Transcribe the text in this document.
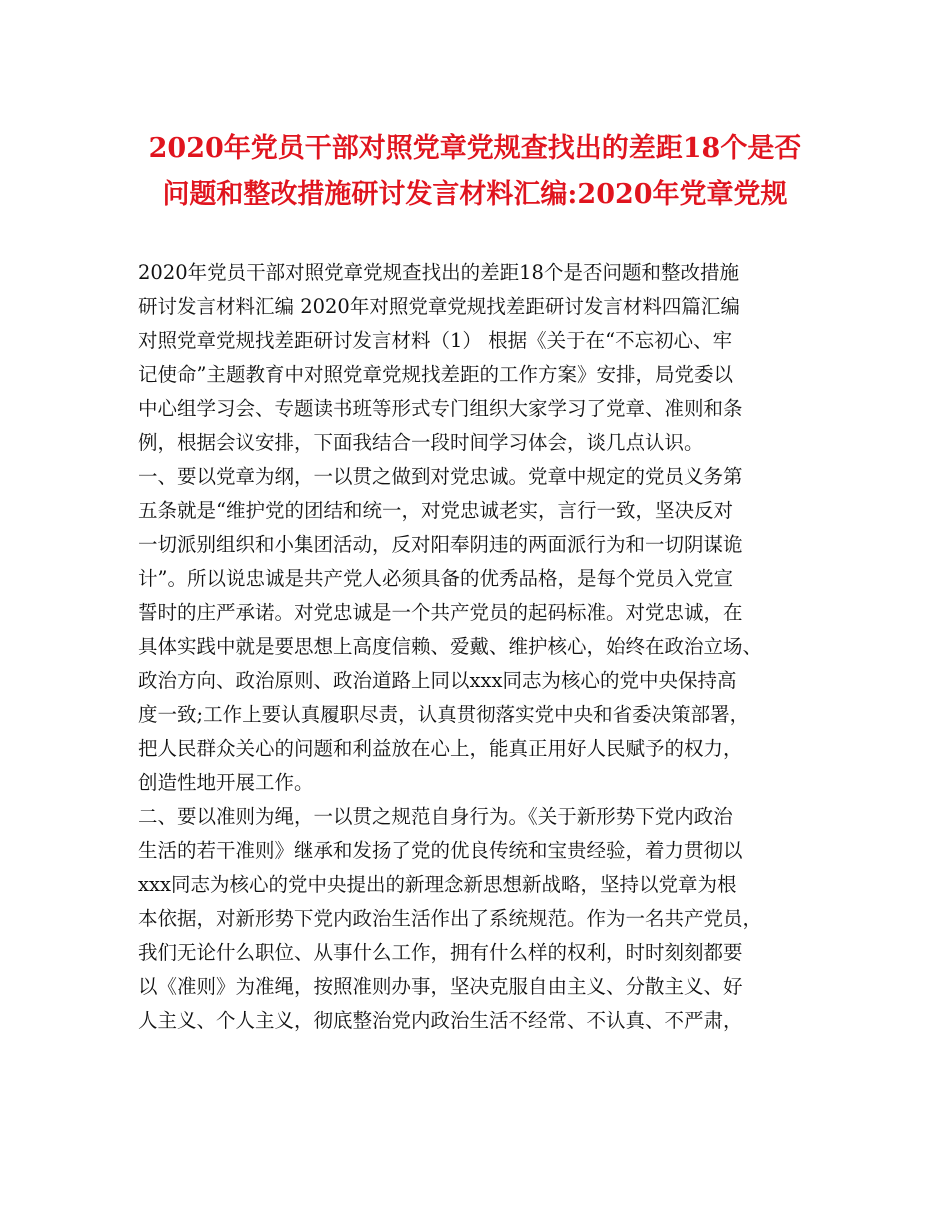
2020年党员干部对照党章党规查找出的差距18个是否
问题和整改措施研讨发言材料汇编:2020年党章党规
2020年党员干部对照党章党规查找出的差距18个是否问题和整改措施
研讨发言材料汇编 2020年对照党章党规找差距研讨发言材料四篇汇编
对照党章党规找差距研讨发言材料（1） 根据《关于在“不忘初心、牢
记使命”主题教育中对照党章党规找差距的工作方案》安排，局党委以
中心组学习会、专题读书班等形式专门组织大家学习了党章、准则和条
例，根据会议安排，下面我结合一段时间学习体会，谈几点认识。
一、要以党章为纲，一以贯之做到对党忠诚。党章中规定的党员义务第
五条就是“维护党的团结和统一，对党忠诚老实，言行一致，坚决反对
一切派别组织和小集团活动，反对阳奉阴违的两面派行为和一切阴谋诡
计”。所以说忠诚是共产党人必须具备的优秀品格，是每个党员入党宣
誓时的庄严承诺。对党忠诚是一个共产党员的起码标准。对党忠诚，在
具体实践中就是要思想上高度信赖、爱戴、维护核心，始终在政治立场、
政治方向、政治原则、政治道路上同以xxx同志为核心的党中央保持高
度一致;工作上要认真履职尽责，认真贯彻落实党中央和省委决策部署，
把人民群众关心的问题和利益放在心上，能真正用好人民赋予的权力，
创造性地开展工作。
二、要以准则为绳，一以贯之规范自身行为。《关于新形势下党内政治
生活的若干准则》继承和发扬了党的优良传统和宝贵经验，着力贯彻以
xxx同志为核心的党中央提出的新理念新思想新战略，坚持以党章为根
本依据，对新形势下党内政治生活作出了系统规范。作为一名共产党员，
我们无论什么职位、从事什么工作，拥有什么样的权利，时时刻刻都要
以《准则》为准绳，按照准则办事，坚决克服自由主义、分散主义、好
人主义、个人主义，彻底整治党内政治生活不经常、不认真、不严肃，
